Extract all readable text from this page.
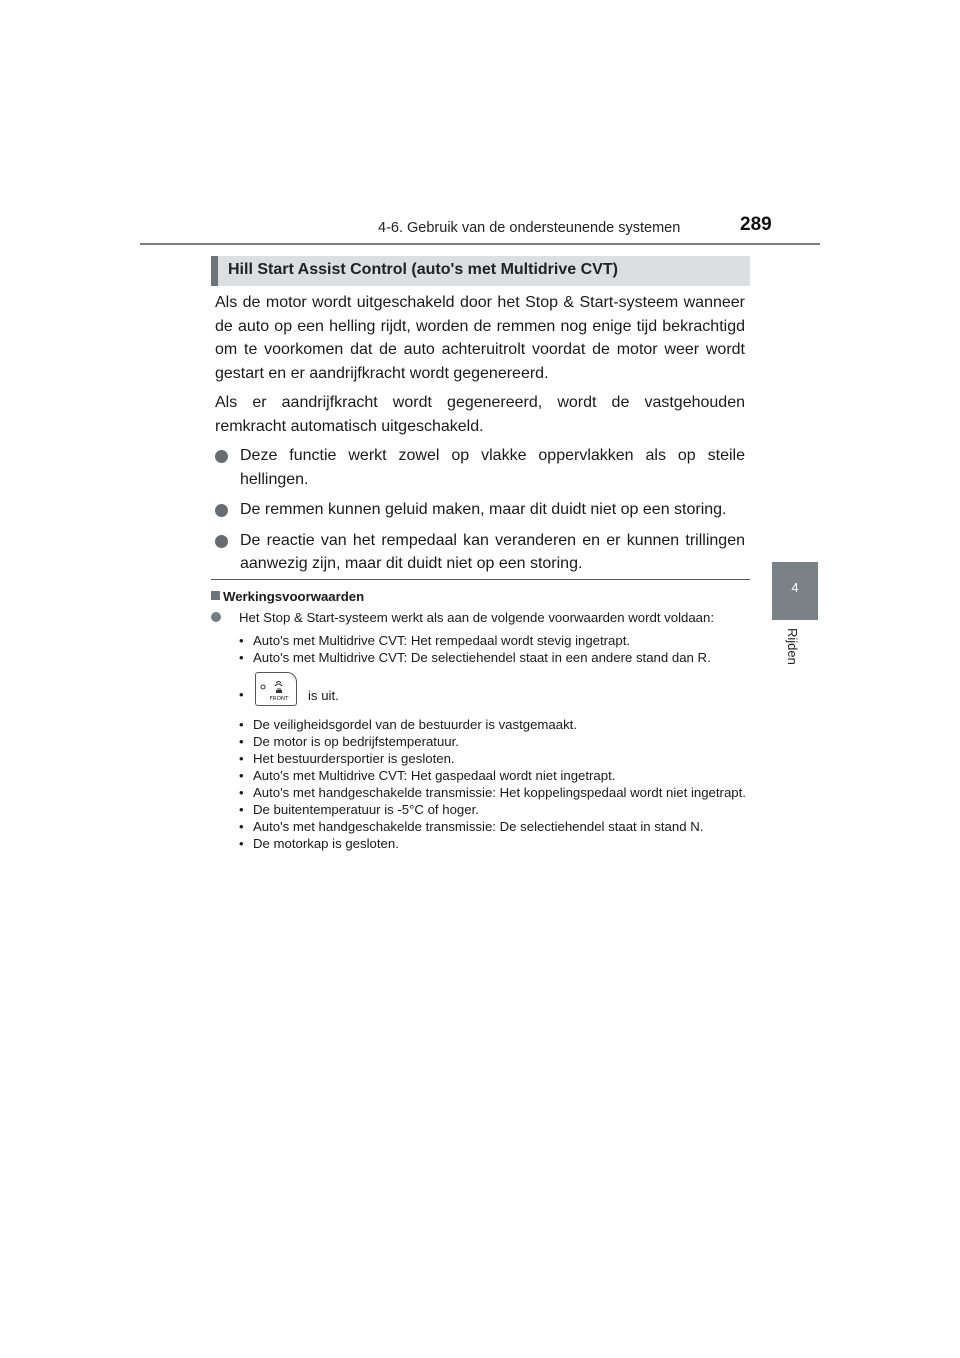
4-6. Gebruik van de ondersteunende systemen	289
4
Rijden
Hill Start Assist Control (auto's met Multidrive CVT)

Als de motor wordt uitgeschakeld door het Stop & Start-systeem wanneer de auto op een helling rijdt, worden de remmen nog enige tijd bekrachtigd om te voorkomen dat de auto achteruitrolt voordat de motor weer wordt gestart en er aandrijfkracht wordt gegenereerd.

Als er aandrijfkracht wordt gegenereerd, wordt de vastgehouden remkracht automatisch uitgeschakeld.

Deze functie werkt zowel op vlakke oppervlakken als op steile hellingen.
De remmen kunnen geluid maken, maar dit duidt niet op een storing.
De reactie van het rempedaal kan veranderen en er kunnen trillingen aanwezig zijn, maar dit duidt niet op een storing.
Werkingsvoorwaarden
Het Stop & Start-systeem werkt als aan de volgende voorwaarden wordt voldaan:
• Auto's met Multidrive CVT: Het rempedaal wordt stevig ingetrapt.
• Auto's met Multidrive CVT: De selectiehendel staat in een andere stand dan R.
•	FRONT is uit.
• De veiligheidsgordel van de bestuurder is vastgemaakt.
• De motor is op bedrijfstemperatuur.
• Het bestuurdersportier is gesloten.
• Auto's met Multidrive CVT: Het gaspedaal wordt niet ingetrapt.
• Auto's met handgeschakelde transmissie: Het koppelingspedaal wordt niet ingetrapt.
• De buitentemperatuur is -5°C of hoger.
• Auto's met handgeschakelde transmissie: De selectiehendel staat in stand N.
• De motorkap is gesloten.
